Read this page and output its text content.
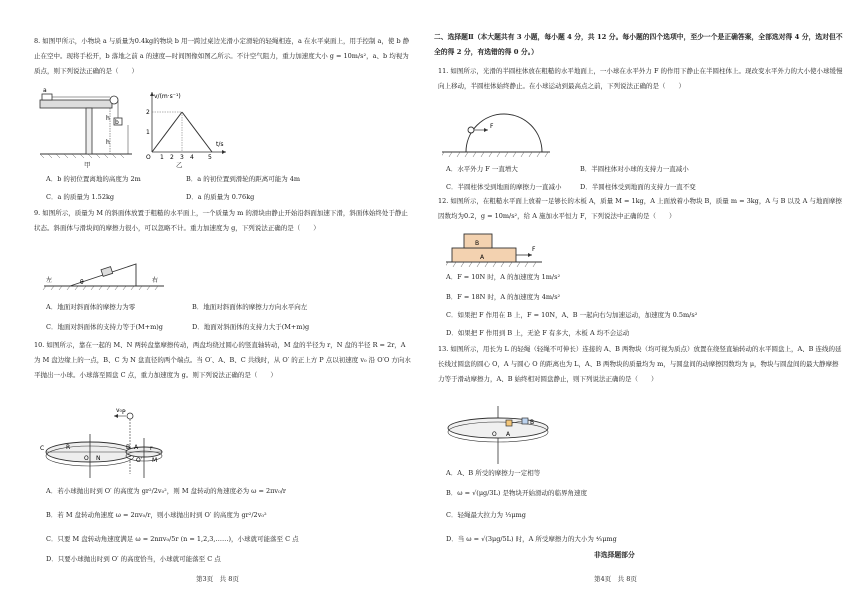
8. 如图甲所示，小物块 a 与质量为0.4kg的物块 b 用一跨过桌边光滑小定滑轮的轻绳相连，a 在水平桌面上，用手控制 a，使 b 静止在空中。现将手松开，b 落地之前 a 的速度—时间图像如图乙所示。不计空气阻力，重力加速度大小 g = 10m/s²，a、b 均视为质点，则下列说法正确的是（　　）
a
b
h
h
甲
v/(m·s⁻¹)
t/s
O
1
2
1 2 3 4 5
乙
A．b 的初位置离地的高度为 2m	B．a 的初位置到滑轮的距离可能为 4m
C．a 的质量为 1.52kg	D．a 的质量为 0.76kg
9. 如图所示，质量为 M 的斜面体放置于粗糙的水平面上，一个质量为 m 的滑块由静止开始沿斜面加速下滑，斜面体始终处于静止状态。斜面体与滑块间的摩擦力很小，可以忽略不计。重力加速度为 g，下列说法正确的是（　　）
左	右
θ
A．地面对斜面体的摩擦力为零	B．地面对斜面体的摩擦力方向水平向左
C．地面对斜面体的支持力等于(M+m)g	D．地面对斜面体的支持力大于(M+m)g
10. 如图所示，靠在一起的 M、N 两转盘靠摩擦传动，两盘均绕过圆心的竖直轴转动，M 盘的半径为 r，N 盘的半径 R = 2r，A 为 M 盘边缘上的一点，B、C 为 N 盘直径的两个端点。当 O′、A、B、C 共线时，从 O′ 的正上方 P 点以初速度 v₀ 沿 O′O 方向水平抛出一小球。小球落至圆盘 C 点，重力加速度为 g。则下列说法正确的是（　　）
P
v₀
C	R	B A
N	M
r
O	O′
A．若小球抛出时到 O′ 的高度为 gr²/2v₀²，则 M 盘转动的角速度必为 ω = 2πv₀/r
B．若 M 盘转动角速度 ω = 2πv₀/r，则小球抛出时到 O′ 的高度为 gr²/2v₀²
C．只要 M 盘转动角速度满足 ω = 2nπv₀/5r (n = 1,2,3,……)，小球就可能落至 C 点
D．只要小球抛出时到 O′ 的高度恰当，小球就可能落至 C 点
第3页　共 8页
二、选择题Ⅱ（本大题共有 3 小题，每小题 4 分，共 12 分。每小题的四个选项中，至少一个是正确答案，全部选对得 4 分，选对但不全的得 2 分，有选错的得 0 分。）
11. 如图所示，光滑的半圆柱体放在粗糙的水平地面上，一小球在水平外力 F 的作用下静止在半圆柱体上。现改变水平外力的大小使小球缓慢向上移动，半圆柱体始终静止。在小球运动到最高点之前，下列说法正确的是（　　）
F
A．水平外力 F 一直增大	B．半圆柱体对小球的支持力一直减小
C．半圆柱体受到地面的摩擦力一直减小	D．半圆柱体受到地面的支持力一直不变
12. 如图所示，在粗糙水平面上放着一足够长的木板 A，质量 M = 1kg，A 上面放着小物块 B，质量 m = 3kg，A 与 B 以及 A 与地面摩擦因数均为0.2，g = 10m/s²，给 A 施加水平恒力 F，下列说法中正确的是（　　）
A
B
F
A．F = 10N 时，A 的加速度为 1m/s²
B．F = 18N 时，A 的加速度为 4m/s²
C．如果把 F 作用在 B 上，F = 10N，A、B 一起向右匀加速运动，加速度为 0.5m/s²
D．如果把 F 作用到 B 上，无论 F 有多大，木板 A 均不会运动
13. 如图所示，用长为 L 的轻绳（轻绳不可伸长）连接的 A、B 两物块（均可视为质点）放置在绕竖直轴转动的水平圆盘上，A、B 连线的延长线过圆盘的圆心 O，A 与圆心 O 的距离也为 L，A、B 两物块的质量均为 m，与圆盘间的动摩擦因数均为 μ，物块与圆盘间的最大静摩擦力等于滑动摩擦力，A、B 始终相对圆盘静止，则下列说法正确的是（　　）
O A
B
A．A、B 所受的摩擦力一定相等
B．ω = √(μg/3L) 是物块开始滑动的临界角速度
C．轻绳最大拉力为 ⅓μmg
D．当 ω = √(3μg/5L) 时，A 所受摩擦力的大小为 ⁴⁄₅μmg
非选择题部分
第4页　共 8页
